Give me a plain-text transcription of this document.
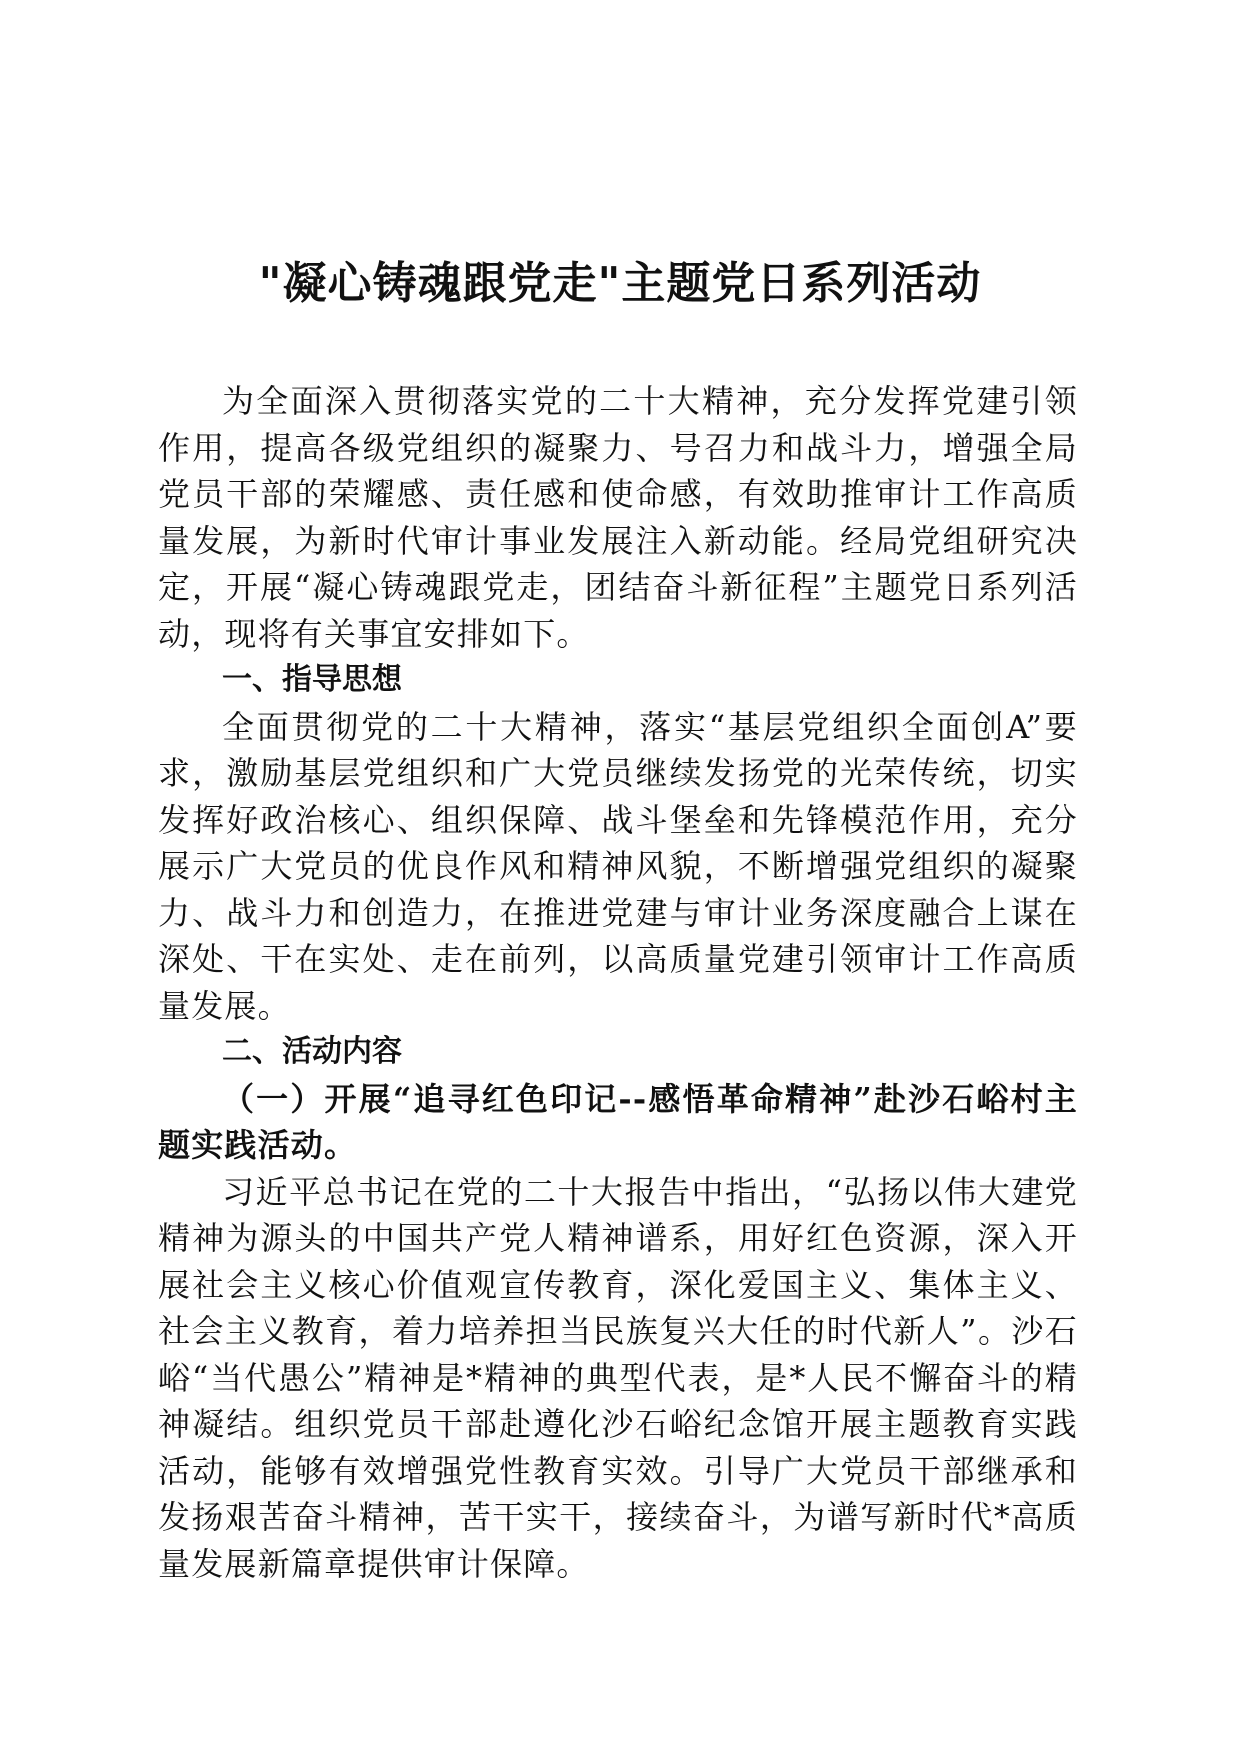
"凝心铸魂跟党走"主题党日系列活动

为全面深入贯彻落实党的二十大精神，充分发挥党建引领作用，提高各级党组织的凝聚力、号召力和战斗力，增强全局党员干部的荣耀感、责任感和使命感，有效助推审计工作高质量发展，为新时代审计事业发展注入新动能。经局党组研究决定，开展“凝心铸魂跟党走，团结奋斗新征程”主题党日系列活动，现将有关事宜安排如下。

一、指导思想

全面贯彻党的二十大精神，落实“基层党组织全面创A”要求，激励基层党组织和广大党员继续发扬党的光荣传统，切实发挥好政治核心、组织保障、战斗堡垒和先锋模范作用，充分展示广大党员的优良作风和精神风貌，不断增强党组织的凝聚力、战斗力和创造力，在推进党建与审计业务深度融合上谋在深处、干在实处、走在前列，以高质量党建引领审计工作高质量发展。

二、活动内容

（一）开展“追寻红色印记--感悟革命精神”赴沙石峪村主题实践活动。

习近平总书记在党的二十大报告中指出，“弘扬以伟大建党精神为源头的中国共产党人精神谱系，用好红色资源，深入开展社会主义核心价值观宣传教育，深化爱国主义、集体主义、社会主义教育，着力培养担当民族复兴大任的时代新人”。沙石峪“当代愚公”精神是*精神的典型代表，是*人民不懈奋斗的精神凝结。组织党员干部赴遵化沙石峪纪念馆开展主题教育实践活动，能够有效增强党性教育实效。引导广大党员干部继承和发扬艰苦奋斗精神，苦干实干，接续奋斗，为谱写新时代*高质量发展新篇章提供审计保障。
